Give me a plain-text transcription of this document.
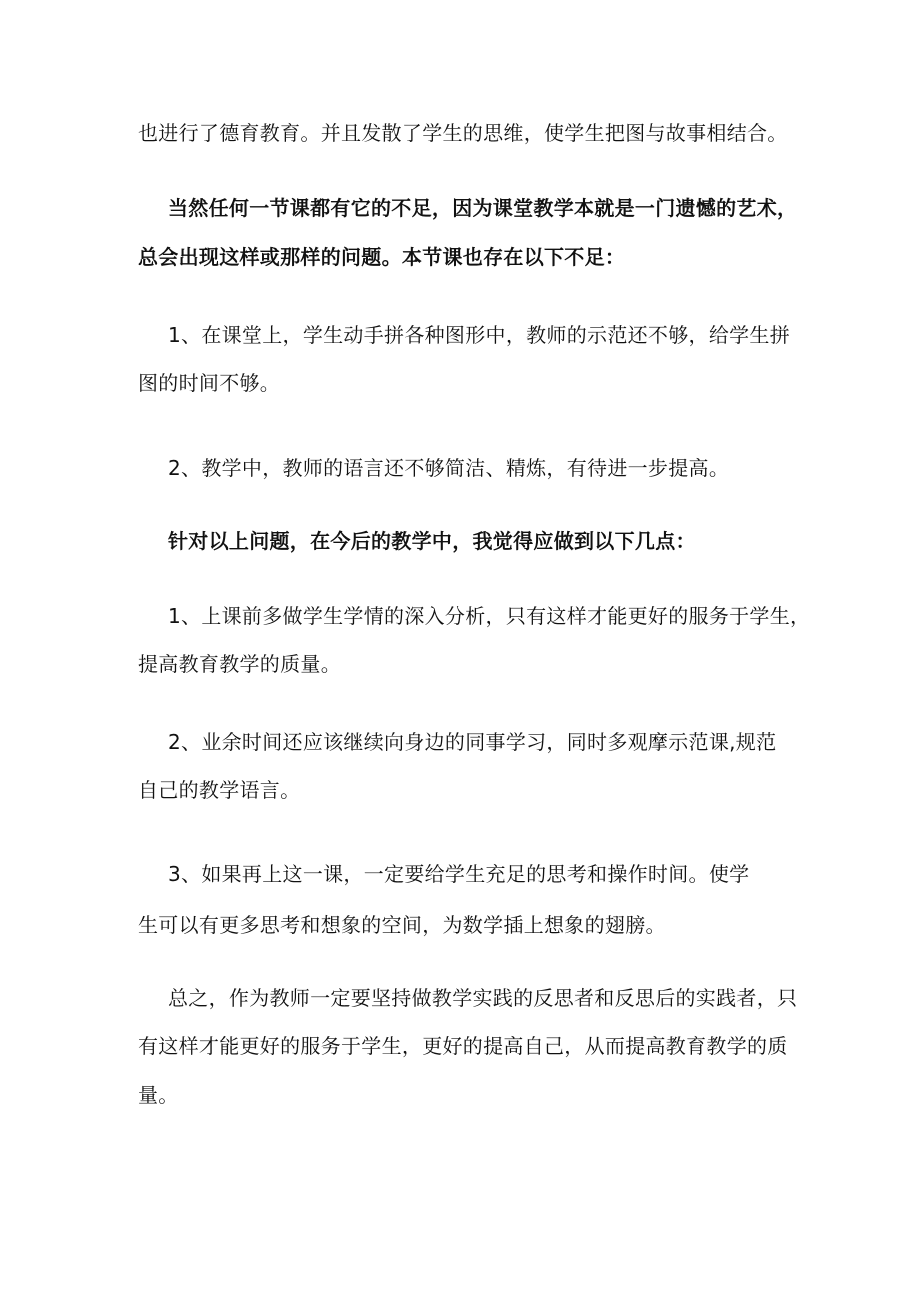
也进行了德育教育。并且发散了学生的思维，使学生把图与故事相结合。
当然任何一节课都有它的不足，因为课堂教学本就是一门遗憾的艺术，
总会出现这样或那样的问题。本节课也存在以下不足：
1、在课堂上，学生动手拼各种图形中，教师的示范还不够，给学生拼
图的时间不够。
2、教学中，教师的语言还不够简洁、精炼，有待进一步提高。
针对以上问题，在今后的教学中，我觉得应做到以下几点：
1、上课前多做学生学情的深入分析，只有这样才能更好的服务于学生，
提高教育教学的质量。
2、业余时间还应该继续向身边的同事学习，同时多观摩示范课,规范
自己的教学语言。
3、如果再上这一课，一定要给学生充足的思考和操作时间。使学
生可以有更多思考和想象的空间，为数学插上想象的翅膀。
总之，作为教师一定要坚持做教学实践的反思者和反思后的实践者，只
有这样才能更好的服务于学生，更好的提高自己，从而提高教育教学的质
量。
